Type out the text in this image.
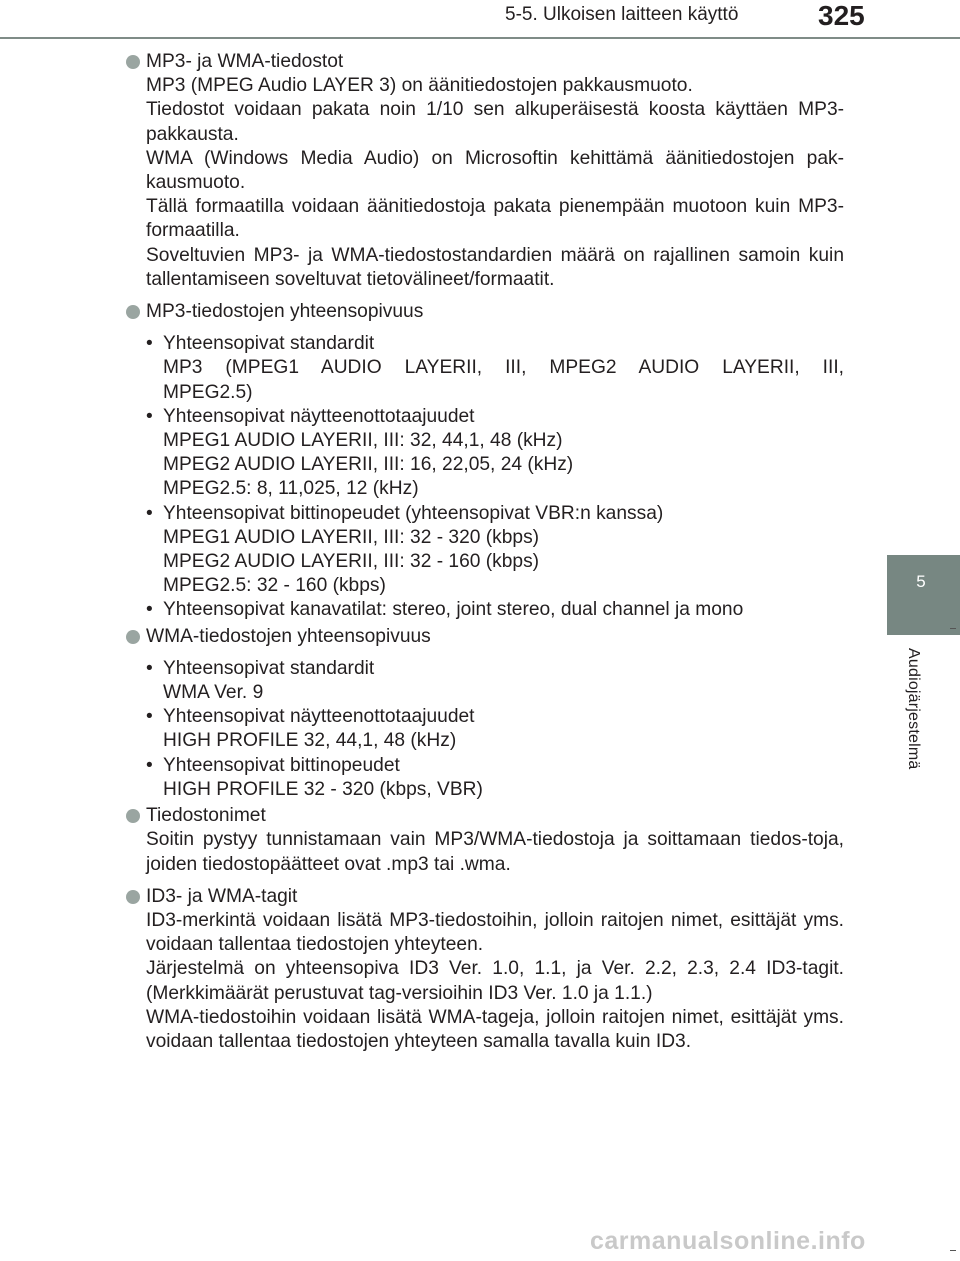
5-5. Ulkoisen laitteen käyttö	325
5
Audiojärjestelmä
MP3- ja WMA-tiedostot
MP3 (MPEG Audio LAYER 3) on äänitiedostojen pakkausmuoto.
Tiedostot voidaan pakata noin 1/10 sen alkuperäisestä koosta käyttäen MP3-pakkausta.
WMA (Windows Media Audio) on Microsoftin kehittämä äänitiedostojen pak-kausmuoto.
Tällä formaatilla voidaan äänitiedostoja pakata pienempään muotoon kuin MP3-formaatilla.
Soveltuvien MP3- ja WMA-tiedostostandardien määrä on rajallinen samoin kuin tallentamiseen soveltuvat tietovälineet/formaatit.
MP3-tiedostojen yhteensopivuus
• Yhteensopivat standardit
MP3 (MPEG1 AUDIO LAYERII, III, MPEG2 AUDIO LAYERII, III,
MPEG2.5)
• Yhteensopivat näytteenottotaajuudet
MPEG1 AUDIO LAYERII, III: 32, 44,1, 48 (kHz)
MPEG2 AUDIO LAYERII, III: 16, 22,05, 24 (kHz)
MPEG2.5: 8, 11,025, 12 (kHz)
• Yhteensopivat bittinopeudet (yhteensopivat VBR:n kanssa)
MPEG1 AUDIO LAYERII, III: 32 - 320 (kbps)
MPEG2 AUDIO LAYERII, III: 32 - 160 (kbps)
MPEG2.5: 32 - 160 (kbps)
• Yhteensopivat kanavatilat: stereo, joint stereo, dual channel ja mono
WMA-tiedostojen yhteensopivuus
• Yhteensopivat standardit
WMA Ver. 9
• Yhteensopivat näytteenottotaajuudet
HIGH PROFILE 32, 44,1, 48 (kHz)
• Yhteensopivat bittinopeudet
HIGH PROFILE 32 - 320 (kbps, VBR)
Tiedostonimet
Soitin pystyy tunnistamaan vain MP3/WMA-tiedostoja ja soittamaan tiedos-toja, joiden tiedostopäätteet ovat .mp3 tai .wma.
ID3- ja WMA-tagit
ID3-merkintä voidaan lisätä MP3-tiedostoihin, jolloin raitojen nimet, esittäjät yms. voidaan tallentaa tiedostojen yhteyteen.
Järjestelmä on yhteensopiva ID3 Ver. 1.0, 1.1, ja Ver. 2.2, 2.3, 2.4 ID3-tagit. (Merkkimäärät perustuvat tag-versioihin ID3 Ver. 1.0 ja 1.1.)
WMA-tiedostoihin voidaan lisätä WMA-tageja, jolloin raitojen nimet, esittäjät yms. voidaan tallentaa tiedostojen yhteyteen samalla tavalla kuin ID3.
carmanualsonline.info
